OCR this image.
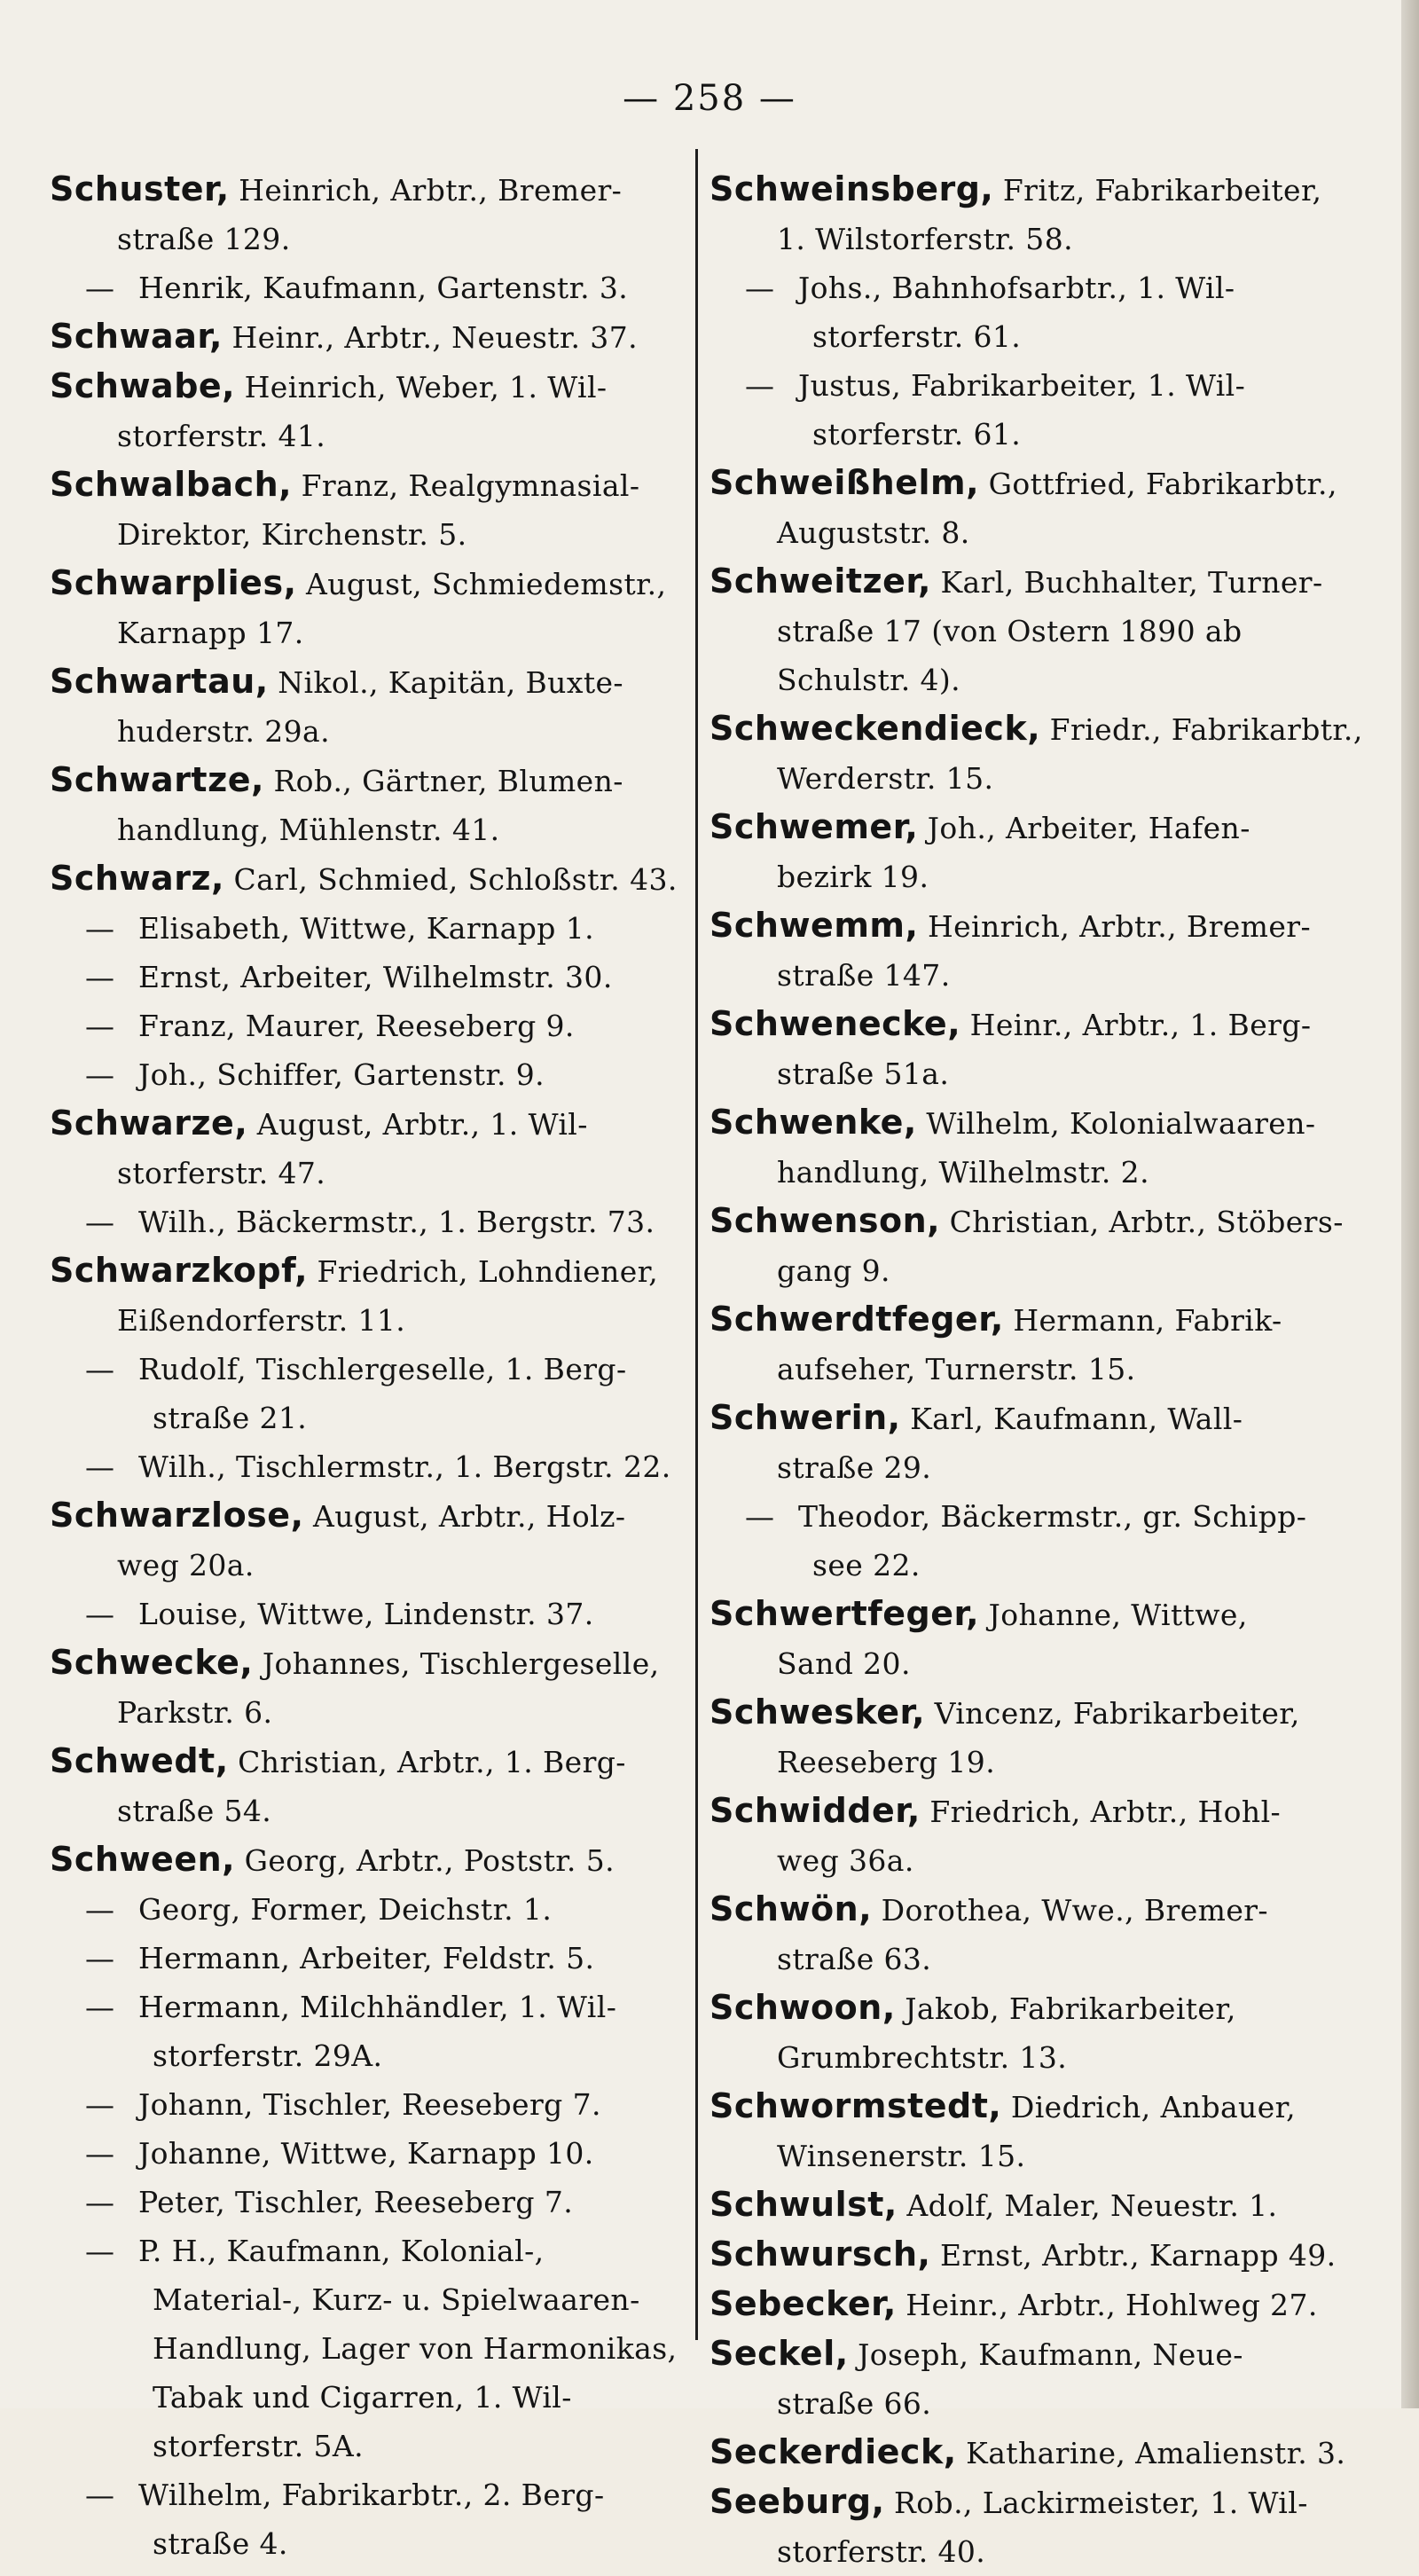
— 258 —
Schuster, Heinrich, Arbtr., Bremer-
straße 129.
— Henrik, Kaufmann, Gartenstr. 3.
Schwaar, Heinr., Arbtr., Neuestr. 37.
Schwabe, Heinrich, Weber, 1. Wil-
storferstr. 41.
Schwalbach, Franz, Realgymnasial-
Direktor, Kirchenstr. 5.
Schwarplies, August, Schmiedemstr.,
Karnapp 17.
Schwartau, Nikol., Kapitän, Buxte-
huderstr. 29a.
Schwartze, Rob., Gärtner, Blumen-
handlung, Mühlenstr. 41.
Schwarz, Carl, Schmied, Schloßstr. 43.
— Elisabeth, Wittwe, Karnapp 1.
— Ernst, Arbeiter, Wilhelmstr. 30.
— Franz, Maurer, Reeseberg 9.
— Joh., Schiffer, Gartenstr. 9.
Schwarze, August, Arbtr., 1. Wil-
storferstr. 47.
— Wilh., Bäckermstr., 1. Bergstr. 73.
Schwarzkopf, Friedrich, Lohndiener,
Eißendorferstr. 11.
— Rudolf, Tischlergeselle, 1. Berg-
straße 21.
— Wilh., Tischlermstr., 1. Bergstr. 22.
Schwarzlose, August, Arbtr., Holz-
weg 20a.
— Louise, Wittwe, Lindenstr. 37.
Schwecke, Johannes, Tischlergeselle,
Parkstr. 6.
Schwedt, Christian, Arbtr., 1. Berg-
straße 54.
Schween, Georg, Arbtr., Poststr. 5.
— Georg, Former, Deichstr. 1.
— Hermann, Arbeiter, Feldstr. 5.
— Hermann, Milchhändler, 1. Wil-
storferstr. 29A.
— Johann, Tischler, Reeseberg 7.
— Johanne, Wittwe, Karnapp 10.
— Peter, Tischler, Reeseberg 7.
— P. H., Kaufmann, Kolonial-,
Material-, Kurz- u. Spielwaaren-
Handlung, Lager von Harmonikas,
Tabak und Cigarren, 1. Wil-
storferstr. 5A.
— Wilhelm, Fabrikarbtr., 2. Berg-
straße 4.
Schweinsberg, Fritz, Fabrikarbeiter,
1. Wilstorferstr. 58.
— Johs., Bahnhofsarbtr., 1. Wil-
storferstr. 61.
— Justus, Fabrikarbeiter, 1. Wil-
storferstr. 61.
Schweißhelm, Gottfried, Fabrikarbtr.,
Auguststr. 8.
Schweitzer, Karl, Buchhalter, Turner-
straße 17 (von Ostern 1890 ab
Schulstr. 4).
Schweckendieck, Friedr., Fabrikarbtr.,
Werderstr. 15.
Schwemer, Joh., Arbeiter, Hafen-
bezirk 19.
Schwemm, Heinrich, Arbtr., Bremer-
straße 147.
Schwenecke, Heinr., Arbtr., 1. Berg-
straße 51a.
Schwenke, Wilhelm, Kolonialwaaren-
handlung, Wilhelmstr. 2.
Schwenson, Christian, Arbtr., Stöbers-
gang 9.
Schwerdtfeger, Hermann, Fabrik-
aufseher, Turnerstr. 15.
Schwerin, Karl, Kaufmann, Wall-
straße 29.
— Theodor, Bäckermstr., gr. Schipp-
see 22.
Schwertfeger, Johanne, Wittwe,
Sand 20.
Schwesker, Vincenz, Fabrikarbeiter,
Reeseberg 19.
Schwidder, Friedrich, Arbtr., Hohl-
weg 36a.
Schwön, Dorothea, Wwe., Bremer-
straße 63.
Schwoon, Jakob, Fabrikarbeiter,
Grumbrechtstr. 13.
Schwormstedt, Diedrich, Anbauer,
Winsenerstr. 15.
Schwulst, Adolf, Maler, Neuestr. 1.
Schwursch, Ernst, Arbtr., Karnapp 49.
Sebecker, Heinr., Arbtr., Hohlweg 27.
Seckel, Joseph, Kaufmann, Neue-
straße 66.
Seckerdieck, Katharine, Amalienstr. 3.
Seeburg, Rob., Lackirmeister, 1. Wil-
storferstr. 40.
